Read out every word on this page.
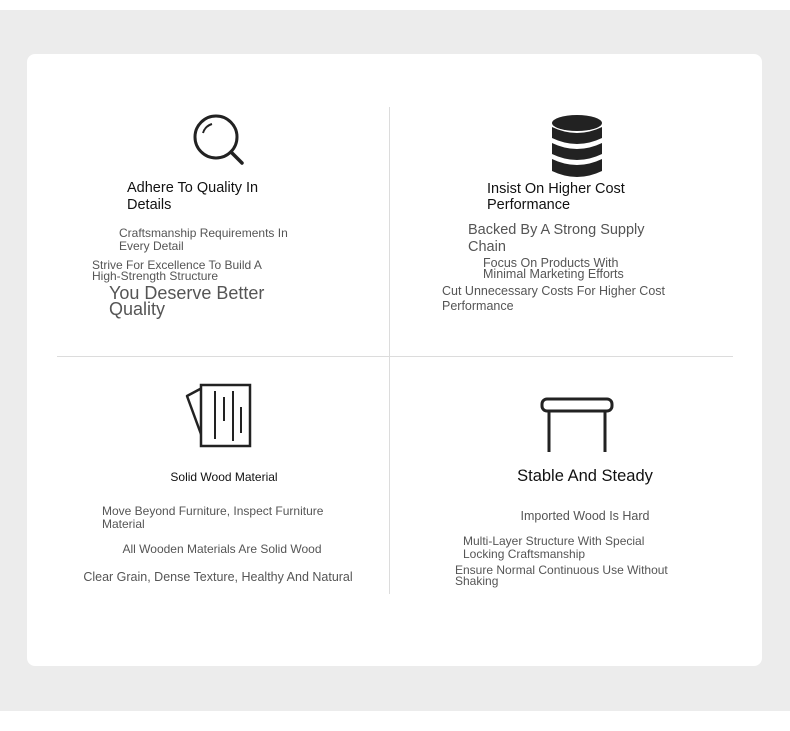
Adhere To Quality In Details

Craftsmanship Requirements In Every Detail

Strive For Excellence To Build A High-Strength Structure

You Deserve Better Quality

Insist On Higher Cost Performance

Backed By A Strong Supply Chain

Focus On Products With Minimal Marketing Efforts

Cut Unnecessary Costs For Higher Cost Performance

Solid Wood Material

Move Beyond Furniture, Inspect Furniture Material

All Wooden Materials Are Solid Wood

Clear Grain, Dense Texture, Healthy And Natural

Stable And Steady

Imported Wood Is Hard

Multi-Layer Structure With Special Locking Craftsmanship

Ensure Normal Continuous Use Without Shaking
